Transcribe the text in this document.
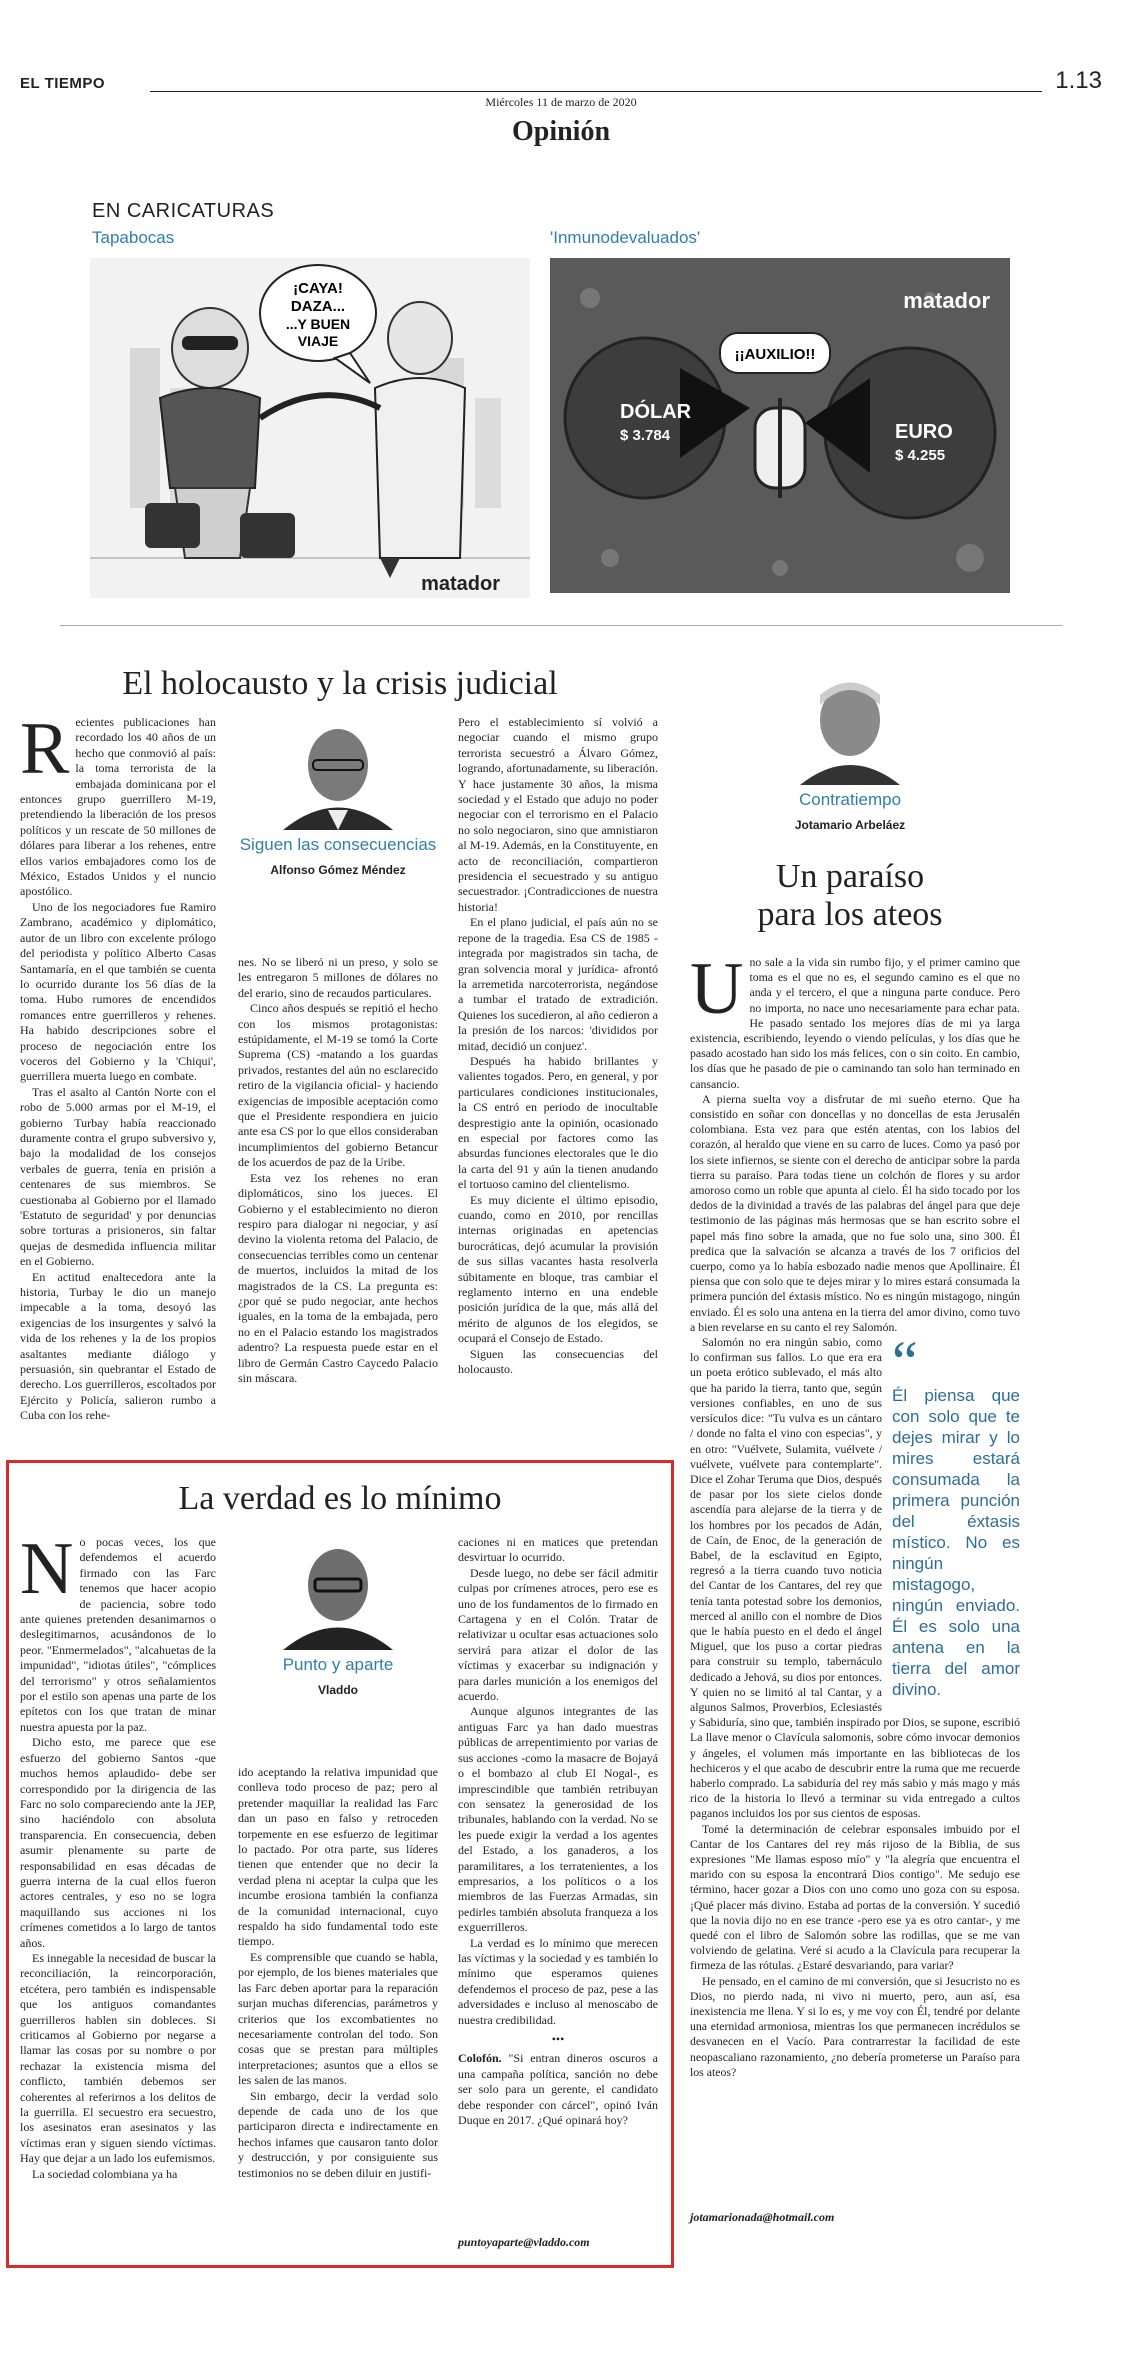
EL TIEMPO	1.13
Miércoles 11 de marzo de 2020
Opinión
EN CARICATURAS
Tapabocas	'Inmunodevaluados'
¡CAYA!
DAZA...
...Y BUEN
VIAJE
matador
DÓLAR
$ 3.784	EURO
$ 4.255
¡¡AUXILIO!!
matador
El holocausto y la crisis judicial
R ecientes publicaciones han recordado los 40 años de un hecho que conmovió al país: la toma terrorista de la embajada dominicana por el entonces grupo guerrillero M-19, pretendiendo la liberación de los presos políticos y un rescate de 50 millones de dólares para liberar a los rehenes, entre ellos varios embajadores como los de México, Estados Unidos y el nuncio apostólico.

Uno de los negociadores fue Ramiro Zambrano, académico y diplomático, autor de un libro con excelente prólogo del periodista y político Alberto Casas Santamaría, en el que también se cuenta lo ocurrido durante los 56 días de la toma. Hubo rumores de encendidos romances entre guerrilleros y rehenes. Ha habido descripciones sobre el proceso de negociación entre los voceros del Gobierno y la 'Chiqui', guerrillera muerta luego en combate.

Tras el asalto al Cantón Norte con el robo de 5.000 armas por el M-19, el gobierno Turbay había reaccionado duramente contra el grupo subversivo y, bajo la modalidad de los consejos verbales de guerra, tenía en prisión a centenares de sus miembros. Se cuestionaba al Gobierno por el llamado 'Estatuto de seguridad' y por denuncias sobre torturas a prisioneros, sin faltar quejas de desmedida influencia militar en el Gobierno.

En actitud enaltecedora ante la historia, Turbay le dio un manejo impecable a la toma, desoyó las exigencias de los insurgentes y salvó la vida de los rehenes y la de los propios asaltantes mediante diálogo y persuasión, sin quebrantar el Estado de derecho. Los guerrilleros, escoltados por Ejército y Policía, salieron rumbo a Cuba con los rehe-

Siguen las consecuencias
Alfonso Gómez Méndez

nes. No se liberó ni un preso, y solo se les entregaron 5 millones de dólares no del erario, sino de recaudos particulares.

Cinco años después se repitió el hecho con los mismos protagonistas: estúpidamente, el M-19 se tomó la Corte Suprema (CS) -matando a los guardas privados, restantes del aún no esclarecido retiro de la vigilancia oficial- y haciendo exigencias de imposible aceptación como que el Presidente respondiera en juicio ante esa CS por lo que ellos consideraban incumplimientos del gobierno Betancur de los acuerdos de paz de la Uribe.

Esta vez los rehenes no eran diplomáticos, sino los jueces. El Gobierno y el establecimiento no dieron respiro para dialogar ni negociar, y así devino la violenta retoma del Palacio, de consecuencias terribles como un centenar de muertos, incluidos la mitad de los magistrados de la CS. La pregunta es: ¿por qué se pudo negociar, ante hechos iguales, en la toma de la embajada, pero no en el Palacio estando los magistrados adentro? La respuesta puede estar en el libro de Germán Castro Caycedo Palacio sin máscara.

Pero el establecimiento sí volvió a negociar cuando el mismo grupo terrorista secuestró a Álvaro Gómez, logrando, afortunadamente, su liberación. Y hace justamente 30 años, la misma sociedad y el Estado que adujo no poder negociar con el terrorismo en el Palacio no solo negociaron, sino que amnistiaron al M-19. Además, en la Constituyente, en acto de reconciliación, compartieron presidencia el secuestrado y su antiguo secuestrador. ¡Contradicciones de nuestra historia!

En el plano judicial, el país aún no se repone de la tragedia. Esa CS de 1985 -integrada por magistrados sin tacha, de gran solvencia moral y jurídica- afrontó la arremetida narcoterrorista, negándose a tumbar el tratado de extradición. Quienes los sucedieron, al año cedieron a la presión de los narcos: 'divididos por mitad, decidió un conjuez'.

Después ha habido brillantes y valientes togados. Pero, en general, y por particulares condiciones institucionales, la CS entró en periodo de inocultable desprestigio ante la opinión, ocasionado en especial por factores como las absurdas funciones electorales que le dio la carta del 91 y aún la tienen anudando el tortuoso camino del clientelismo.

Es muy diciente el último episodio, cuando, como en 2010, por rencillas internas originadas en apetencias burocráticas, dejó acumular la provisión de sus sillas vacantes hasta resolverla súbitamente en bloque, tras cambiar el reglamento interno en una endeble posición jurídica de la que, más allá del mérito de algunos de los elegidos, se ocupará el Consejo de Estado.

Siguen las consecuencias del holocausto.

Contratiempo
Jotamario Arbeláez
Un paraíso
para los ateos
U no sale a la vida sin rumbo fijo, y el primer camino que toma es el que no es, el segundo camino es el que no anda y el tercero, el que a ninguna parte conduce. Pero no importa, no nace uno necesariamente para echar pata. He pasado sentado los mejores días de mi ya larga existencia, escribiendo, leyendo o viendo películas, y los días que he pasado acostado han sido los más felices, con o sin coito. En cambio, los días que he pasado de pie o caminando tan solo han terminado en cansancio.

A pierna suelta voy a disfrutar de mi sueño eterno. Que ha consistido en soñar con doncellas y no doncellas de esta Jerusalén colombiana. Esta vez para que estén atentas, con los labios del corazón, al heraldo que viene en su carro de luces. Como ya pasó por los siete infiernos, se siente con el derecho de anticipar sobre la parda tierra su paraíso. Para todas tiene un colchón de flores y su ardor amoroso como un roble que apunta al cielo. Él ha sido tocado por los dedos de la divinidad a través de las palabras del ángel para que deje testimonio de las páginas más hermosas que se han escrito sobre el papel más fino sobre la amada, que no fue solo una, sino 300. Él predica que la salvación se alcanza a través de los 7 orificios del cuerpo, como ya lo había esbozado nadie menos que Apollinaire. Él piensa que con solo que te dejes mirar y lo mires estará consumada la primera punción del éxtasis místico. No es ningún mistagogo, ningún enviado. Él es solo una antena en la tierra del amor divino, como tuvo a bien revelarse en su canto el rey Salomón.

“
Él piensa que con solo que te dejes mirar y lo mires estará consumada la primera punción del éxtasis místico. No es ningún mistagogo, ningún enviado. Él es solo una antena en la tierra del amor divino.

Salomón no era ningún sabio, como lo confirman sus fallos. Lo que era era un poeta erótico sublevado, el más alto que ha parido la tierra, tanto que, según versiones confiables, en uno de sus versículos dice: "Tu vulva es un cántaro / donde no falta el vino con especias", y en otro: "Vuélvete, Sulamita, vuélvete / vuélvete, vuélvete para contemplarte". Dice el Zohar Teruma que Dios, después de pasar por los siete cielos donde ascendía para alejarse de la tierra y de los hombres por los pecados de Adán, de Caín, de Enoc, de la generación de Babel, de la esclavitud en Egipto, regresó a la tierra cuando tuvo noticia del Cantar de los Cantares, del rey que tenía tanta potestad sobre los demonios, merced al anillo con el nombre de Dios que le había puesto en el dedo el ángel Miguel, que los puso a cortar piedras para construir su templo, tabernáculo dedicado a Jehová, su dios por entonces. Y quien no se limitó al tal Cantar, y a algunos Salmos, Proverbios, Eclesiastés y Sabiduría, sino que, también inspirado por Dios, se supone, escribió La llave menor o Clavícula salomonis, sobre cómo invocar demonios y ángeles, el volumen más importante en las bibliotecas de los hechiceros y el que acabo de descubrir entre la ruma que me recuerde haberlo comprado. La sabiduría del rey más sabio y más mago y más rico de la historia lo llevó a terminar su vida entregado a cultos paganos incluidos los por sus cientos de esposas.

Tomé la determinación de celebrar esponsales imbuido por el Cantar de los Cantares del rey más rijoso de la Biblia, de sus expresiones "Me llamas esposo mío" y "la alegría que encuentra el marido con su esposa la encontrará Dios contigo". Me sedujo ese término, hacer gozar a Dios con uno como uno goza con su esposa. ¡Qué placer más divino. Estaba ad portas de la conversión. Y sucedió que la novia dijo no en ese trance -pero ese ya es otro cantar-, y me quedé con el libro de Salomón sobre las rodillas, que se me van volviendo de gelatina. Veré si acudo a la Clavícula para recuperar la firmeza de las rótulas. ¿Estaré desvariando, para variar?

He pensado, en el camino de mi conversión, que si Jesucristo no es Dios, no pierdo nada, ni vivo ni muerto, pero, aun así, esa inexistencia me llena. Y si lo es, y me voy con Él, tendré por delante una eternidad armoniosa, mientras los que permanecen incrédulos se desvanecen en el Vacío. Para contrarrestar la facilidad de este neopascaliano razonamiento, ¿no debería prometerse un Paraíso para los ateos?

jotamarionada@hotmail.com
La verdad es lo mínimo
N o pocas veces, los que defendemos el acuerdo firmado con las Farc tenemos que hacer acopio de paciencia, sobre todo ante quienes pretenden desanimarnos o deslegitimarnos, acusándonos de lo peor. "Enmermelados", "alcahuetas de la impunidad", "idiotas útiles", "cómplices del terrorismo" y otros señalamientos por el estilo son apenas una parte de los epítetos con los que tratan de minar nuestra apuesta por la paz.

Dicho esto, me parece que ese esfuerzo del gobierno Santos -que muchos hemos aplaudido- debe ser correspondido por la dirigencia de las Farc no solo compareciendo ante la JEP, sino haciéndolo con absoluta transparencia. En consecuencia, deben asumir plenamente su parte de responsabilidad en esas décadas de guerra interna de la cual ellos fueron actores centrales, y eso no se logra maquillando sus acciones ni los crímenes cometidos a lo largo de tantos años.

Es innegable la necesidad de buscar la reconciliación, la reincorporación, etcétera, pero también es indispensable que los antiguos comandantes guerrilleros hablen sin dobleces. Si criticamos al Gobierno por negarse a llamar las cosas por su nombre o por rechazar la existencia misma del conflicto, también debemos ser coherentes al referirnos a los delitos de la guerrilla. El secuestro era secuestro, los asesinatos eran asesinatos y las víctimas eran y siguen siendo víctimas. Hay que dejar a un lado los eufemismos.

La sociedad colombiana ya ha

Punto y aparte
Vladdo

ido aceptando la relativa impunidad que conlleva todo proceso de paz; pero al pretender maquillar la realidad las Farc dan un paso en falso y retroceden torpemente en ese esfuerzo de legitimar lo pactado. Por otra parte, sus líderes tienen que entender que no decir la verdad plena ni aceptar la culpa que les incumbe erosiona también la confianza de la comunidad internacional, cuyo respaldo ha sido fundamental todo este tiempo.

Es comprensible que cuando se habla, por ejemplo, de los bienes materiales que las Farc deben aportar para la reparación surjan muchas diferencias, parámetros y criterios que los excombatientes no necesariamente controlan del todo. Son cosas que se prestan para múltiples interpretaciones; asuntos que a ellos se les salen de las manos.

Sin embargo, decir la verdad solo depende de cada uno de los que participaron directa e indirectamente en hechos infames que causaron tanto dolor y destrucción, y por consiguiente sus testimonios no se deben diluir en justifi-

caciones ni en matices que pretendan desvirtuar lo ocurrido.

Desde luego, no debe ser fácil admitir culpas por crímenes atroces, pero ese es uno de los fundamentos de lo firmado en Cartagena y en el Colón. Tratar de relativizar u ocultar esas actuaciones solo servirá para atizar el dolor de las víctimas y exacerbar su indignación y para darles munición a los enemigos del acuerdo.

Aunque algunos integrantes de las antiguas Farc ya han dado muestras públicas de arrepentimiento por varias de sus acciones -como la masacre de Bojayá o el bombazo al club El Nogal-, es imprescindible que también retribuyan con sensatez la generosidad de los tribunales, hablando con la verdad. No se les puede exigir la verdad a los agentes del Estado, a los ganaderos, a los paramilitares, a los terratenientes, a los empresarios, a los políticos o a los miembros de las Fuerzas Armadas, sin pedirles también absoluta franqueza a los exguerrilleros.

La verdad es lo mínimo que merecen las víctimas y la sociedad y es también lo mínimo que esperamos quienes defendemos el proceso de paz, pese a las adversidades e incluso al menoscabo de nuestra credibilidad.

•••

Colofón. "Si entran dineros oscuros a una campaña política, sanción no debe ser solo para un gerente, el candidato debe responder con cárcel", opinó Iván Duque en 2017. ¿Qué opinará hoy?

puntoyaparte@vladdo.com
